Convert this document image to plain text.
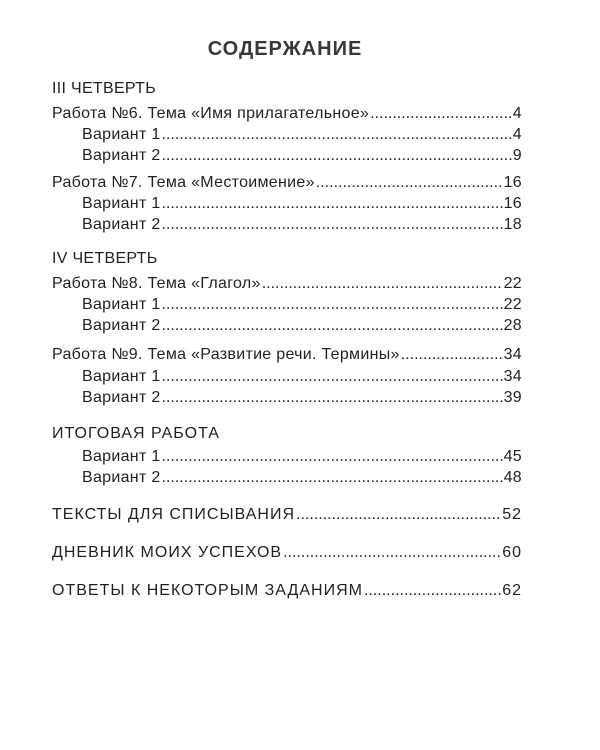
СОДЕРЖАНИЕ
III ЧЕТВЕРТЬ
Работа №6. Тема «Имя прилагательное» .....	4
Вариант 1 .....	4
Вариант 2 .....	9
Работа №7. Тема «Местоимение» .....	16
Вариант 1 .....	16
Вариант 2 .....	18
IV ЧЕТВЕРТЬ
Работа №8. Тема «Глагол» .....	22
Вариант 1 .....	22
Вариант 2 .....	28
Работа №9. Тема «Развитие речи. Термины» .....	34
Вариант 1 .....	34
Вариант 2 .....	39
ИТОГОВАЯ РАБОТА
Вариант 1 .....	45
Вариант 2 .....	48
ТЕКСТЫ ДЛЯ СПИСЫВАНИЯ .....	52
ДНЕВНИК МОИХ УСПЕХОВ .....	60
ОТВЕТЫ К НЕКОТОРЫМ ЗАДАНИЯМ .....	62
